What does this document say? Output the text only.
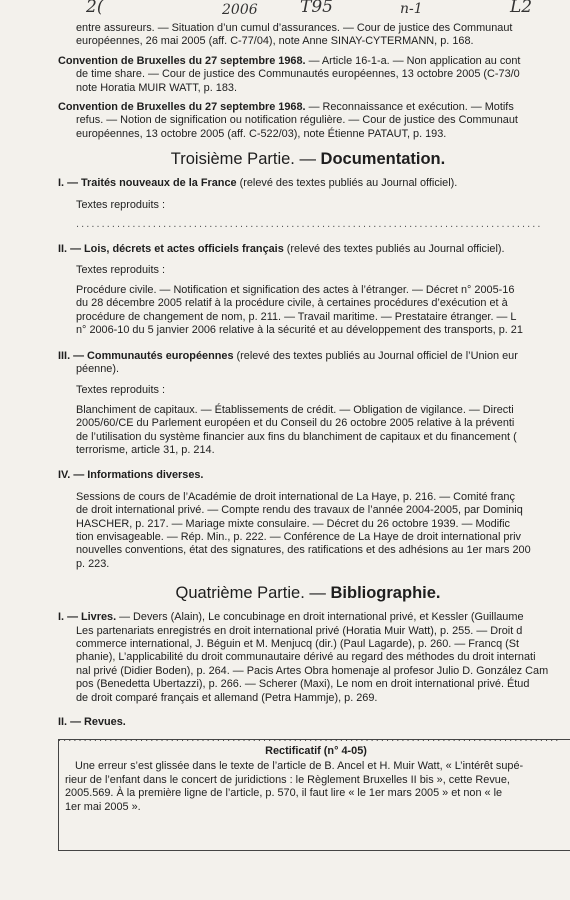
2(	2006 T95	n-1	L2

entre assureurs. — Situation d’un cumul d’assurances. — Cour de justice des Communaut

européennes, 26 mai 2005 (aff. C-77/04), note Anne SINAY-CYTERMANN, p. 168.

Convention de Bruxelles du 27 septembre 1968. — Article 16-1-a. — Non application au cont

de time share. — Cour de justice des Communautés européennes, 13 octobre 2005 (C-73/0

note Horatia MUIR WATT, p. 183.

Convention de Bruxelles du 27 septembre 1968. — Reconnaissance et exécution. — Motifs

refus. — Notion de signification ou notification régulière. — Cour de justice des Communaut

européennes, 13 octobre 2005 (aff. C-522/03), note Étienne PATAUT, p. 193.

Troisième Partie. — Documentation.

I. — Traités nouveaux de la France (relevé des textes publiés au Journal officiel).

Textes reproduits :

...........................................................................................

II. — Lois, décrets et actes officiels français (relevé des textes publiés au Journal officiel).

Textes reproduits :

Procédure civile. — Notification et signification des actes à l’étranger. — Décret n° 2005-16

du 28 décembre 2005 relatif à la procédure civile, à certaines procédures d’exécution et à

procédure de changement de nom, p. 211. — Travail maritime. — Prestataire étranger. — L

n° 2006-10 du 5 janvier 2006 relative à la sécurité et au développement des transports, p. 21

III. — Communautés européennes (relevé des textes publiés au Journal officiel de l’Union eur

péenne).

Textes reproduits :

Blanchiment de capitaux. — Établissements de crédit. — Obligation de vigilance. — Directi

2005/60/CE du Parlement européen et du Conseil du 26 octobre 2005 relative à la préventi

de l’utilisation du système financier aux fins du blanchiment de capitaux et du financement (

terrorisme, article 31, p. 214.

IV. — Informations diverses.

Sessions de cours de l’Académie de droit international de La Haye, p. 216. — Comité franç

de droit international privé. — Compte rendu des travaux de l’année 2004-2005, par Dominiq

HASCHER, p. 217. — Mariage mixte consulaire. — Décret du 26 octobre 1939. — Modific

tion envisageable. — Rép. Min., p. 222. — Conférence de La Haye de droit international priv

nouvelles conventions, état des signatures, des ratifications et des adhésions au 1er mars 200

p. 223.

Quatrième Partie. — Bibliographie.

I. — Livres. — Devers (Alain), Le concubinage en droit international privé, et Kessler (Guillaume

Les partenariats enregistrés en droit international privé (Horatia Muir Watt), p. 255. — Droit d

commerce international, J. Béguin et M. Menjucq (dir.) (Paul Lagarde), p. 260. — Francq (St

phanie), L’applicabilité du droit communautaire dérivé au regard des méthodes du droit internati

nal privé (Didier Boden), p. 264. — Pacis Artes Obra homenaje al profesor Julio D. González Cam

pos (Benedetta Ubertazzi), p. 266. — Scherer (Maxi), Le nom en droit international privé. Étud

de droit comparé français et allemand (Petra Hammje), p. 269.

II. — Revues.

..................................................................................................

Rectificatif (n° 4-05)

Une erreur s’est glissée dans le texte de l’article de B. Ancel et H. Muir Watt, « L’intérêt supé-

rieur de l’enfant dans le concert de juridictions : le Règlement Bruxelles II bis », cette Revue,

2005.569. À la première ligne de l’article, p. 570, il faut lire « le 1er mars 2005 » et non « le

1er mai 2005 ».
